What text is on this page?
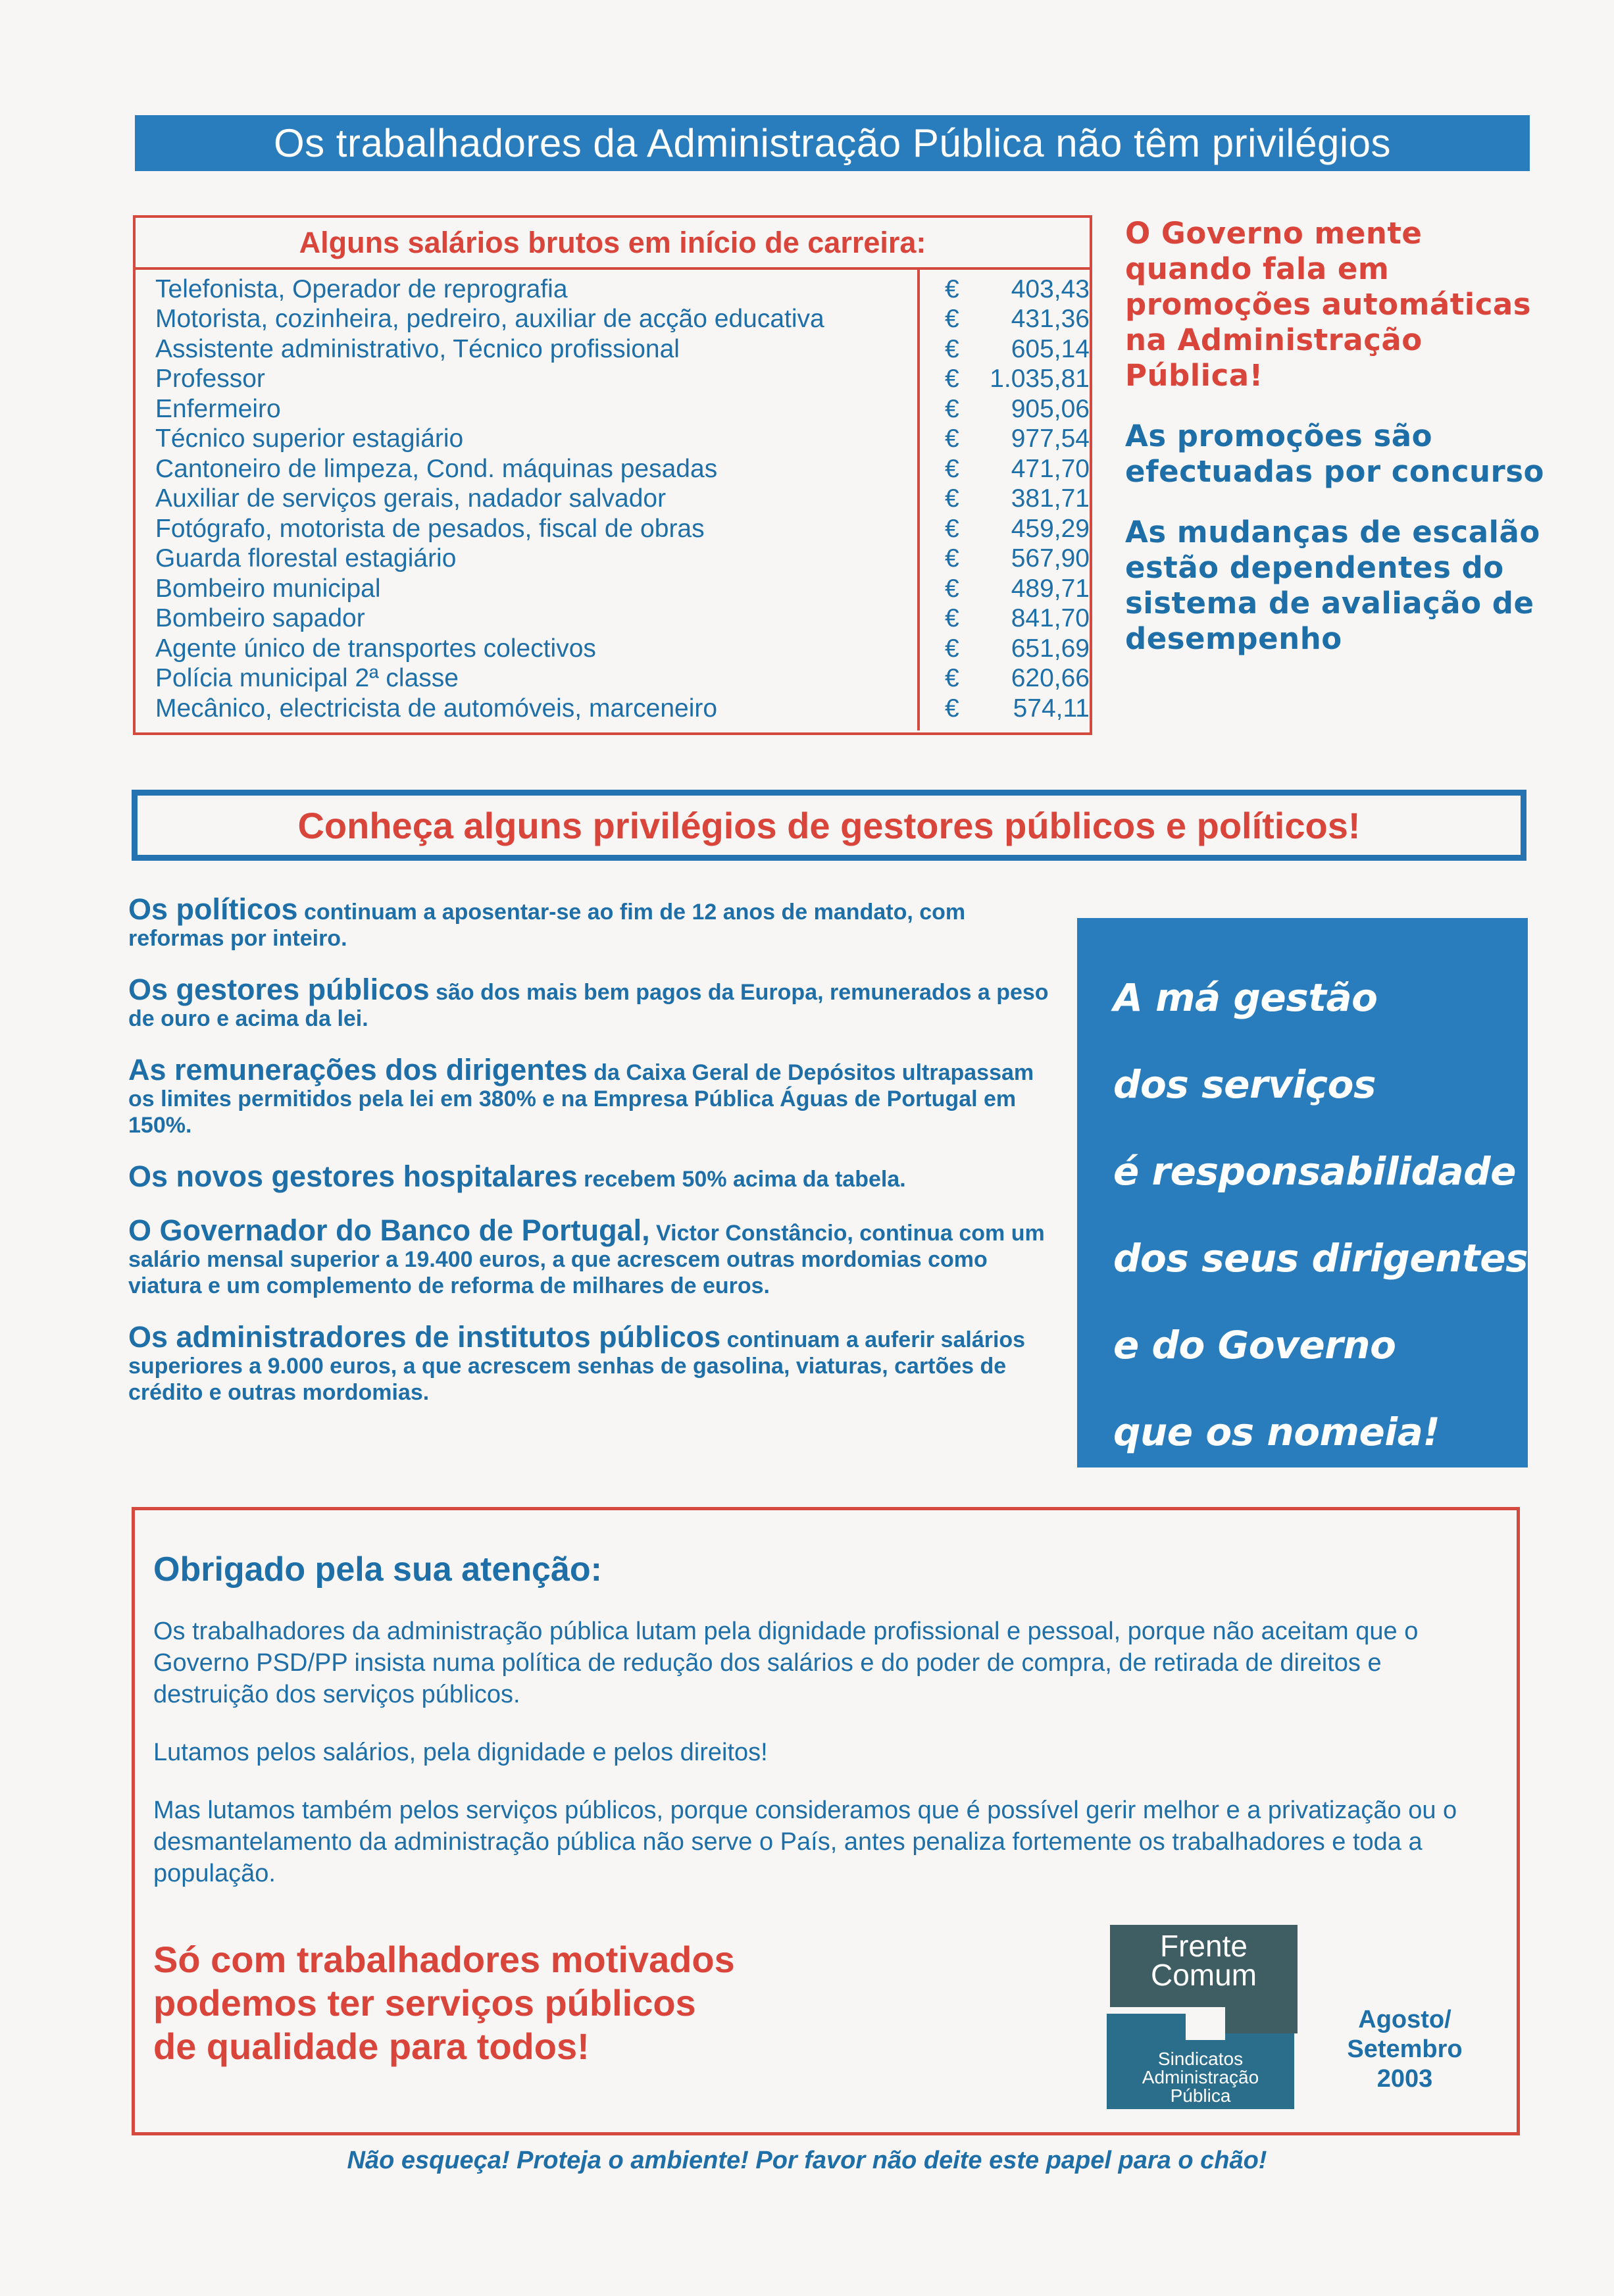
Os trabalhadores da Administração Pública não têm privilégios
Alguns salários brutos em início de carreira:
Telefonista, Operador de reprografia	€	403,43
Motorista, cozinheira, pedreiro, auxiliar de acção educativa	€	431,36
Assistente administrativo, Técnico profissional	€	605,14
Professor	€	1.035,81
Enfermeiro	€	905,06
Técnico superior estagiário	€	977,54
Cantoneiro de limpeza, Cond. máquinas pesadas	€	471,70
Auxiliar de serviços gerais, nadador salvador	€	381,71
Fotógrafo, motorista de pesados, fiscal de obras	€	459,29
Guarda florestal estagiário	€	567,90
Bombeiro municipal	€	489,71
Bombeiro sapador	€	841,70
Agente único de transportes colectivos	€	651,69
Polícia municipal 2ª classe	€	620,66
Mecânico, electricista de automóveis, marceneiro	€	574,11

O Governo mente quando fala em promoções automáticas na Administração Pública!

As promoções são efectuadas por concurso

As mudanças de escalão estão dependentes do sistema de avaliação de desempenho

Conheça alguns privilégios de gestores públicos e políticos!

Os políticos continuam a aposentar-se ao fim de 12 anos de mandato, com reformas por inteiro.

Os gestores públicos são dos mais bem pagos da Europa, remunerados a peso de ouro e acima da lei.

As remunerações dos dirigentes da Caixa Geral de Depósitos ultrapassam os limites permitidos pela lei em 380% e na Empresa Pública Águas de Portugal em 150%.

Os novos gestores hospitalares recebem 50% acima da tabela.

O Governador do Banco de Portugal, Victor Constâncio, continua com um salário mensal superior a 19.400 euros, a que acrescem outras mordomias como viatura e um complemento de reforma de milhares de euros.

Os administradores de institutos públicos continuam a auferir salários superiores a 9.000 euros, a que acrescem senhas de gasolina, viaturas, cartões de crédito e outras mordomias.

A má gestão
dos serviços
é responsabilidade
dos seus dirigentes
e do Governo
que os nomeia!
Obrigado pela sua atenção:

Os trabalhadores da administração pública lutam pela dignidade profissional e pessoal, porque não aceitam que o Governo PSD/PP insista numa política de redução dos salários e do poder de compra, de retirada de direitos e destruição dos serviços públicos.

Lutamos pelos salários, pela dignidade e pelos direitos!

Mas lutamos também pelos serviços públicos, porque consideramos que é possível gerir melhor e a privatização ou o desmantelamento da administração pública não serve o País, antes penaliza fortemente os trabalhadores e toda a população.

Só com trabalhadores motivados
podemos ter serviços públicos
de qualidade para todos!
Frente
Comum
Sindicatos
Administração
Pública
Agosto/
Setembro
2003
Não esqueça! Proteja o ambiente! Por favor não deite este papel para o chão!
